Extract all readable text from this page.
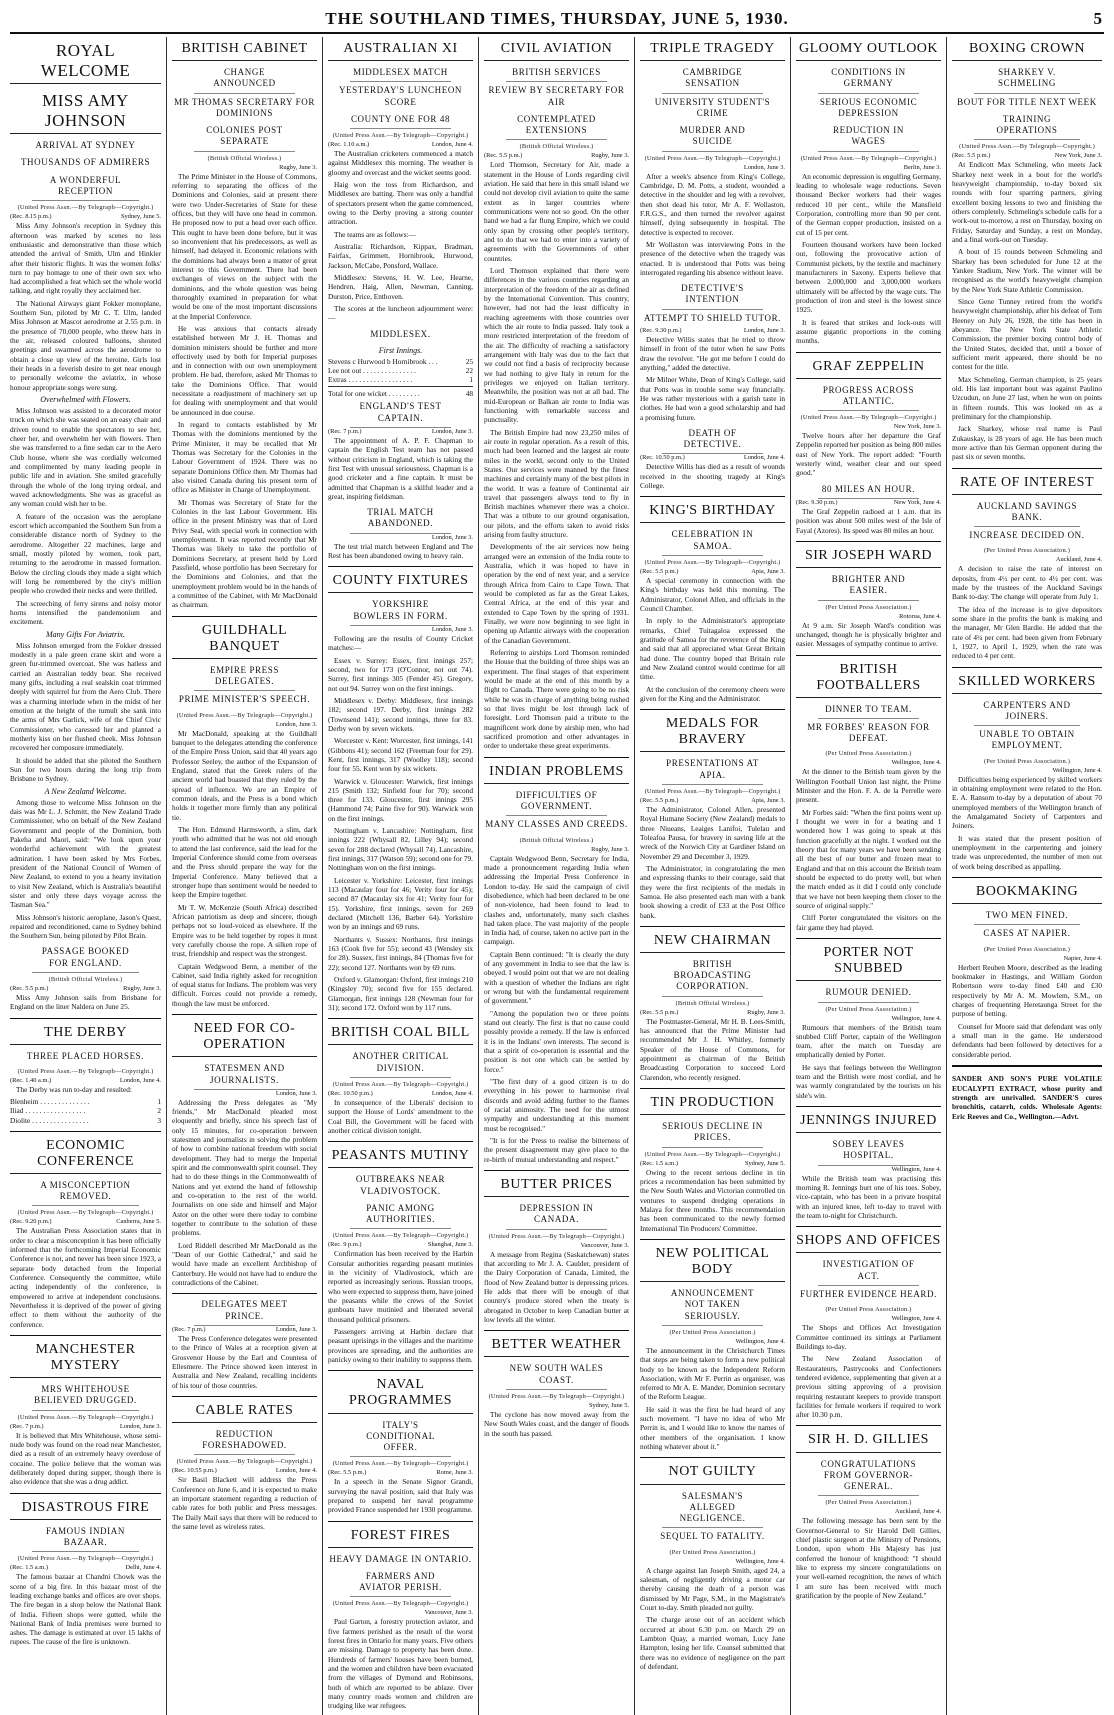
THE SOUTHLAND TIMES, THURSDAY, JUNE 5, 1930.	5
ROYAL WELCOME
MISS AMY JOHNSON
ARRIVAL AT SYDNEY
THOUSANDS OF ADMIRERS
A WONDERFUL RECEPTION
(United Press Assn.—By Telegraph—Copyright.)
(Rec. 8.15 p.m.)	Sydney, June 5.

Miss Amy Johnson's reception in Sydney this afternoon was marked by scenes no less enthusiastic and demonstrative than those which attended the arrival of Smith, Ulm and Hinkler after their historic flights. It was the women folks' turn to pay homage to one of their own sex who had accomplished a feat which set the whole world talking, and right royally they acclaimed her.

The National Airways giant Fokker monoplane, Southern Sun, piloted by Mr C. T. Ulm, landed Miss Johnson at Mascot aerodrome at 2.55 p.m. in the presence of 70,000 people, who threw hats in the air, released coloured balloons, shouted greetings and swarmed across the aerodrome to obtain a close up view of the heroine. Girls lost their heads in a feverish desire to get near enough to personally welcome the aviatrix, in whose honour appropriate songs were sung.

Overwhelmed with Flowers.

Miss Johnson was assisted to a decorated motor truck on which she was seated on an easy chair and driven round to enable the spectators to see her, cheer her, and overwhelm her with flowers. Then she was transferred to a fine sedan car to the Aero Club house, where she was cordially welcomed and complimented by many leading people in public life and in aviation. She smiled gracefully through the whole of the long trying ordeal, and waved acknowledgments. She was as graceful as any woman could wish her to be.

A feature of the occasion was the aeroplane escort which accompanied the Southern Sun from a considerable distance north of Sydney to the aerodrome. Altogether 22 machines, large and small, mostly piloted by women, took part, returning to the aerodrome in massed formation. Below the circling clouds they made a sight which will long be remembered by the city's million people who crowded their necks and were thrilled.

The screeching of ferry sirens and noisy motor horns intensified the pandemonium and excitement.

Many Gifts For Aviatrix.

Miss Johnson emerged from the Fokker dressed modestly in a pale green crane skirt and wore a green fur-trimmed overcoat. She was hatless and carried an Australian teddy bear. She received many gifts, including a real sealskin coat trimmed deeply with squirrel fur from the Aero Club. There was a charming interlude when in the midst of her emotion at the height of the tumult she sank into the arms of Mrs Garlick, wife of the Chief Civic Commissioner, who caressed her and planted a motherly kiss on her flushed cheek. Miss Johnson recovered her composure immediately.

It should be added that she piloted the Southern Sun for two hours during the long trip from Brisbane to Sydney.

A New Zealand Welcome.

Among those to welcome Miss Johnson on the dais was Mr L. J. Schmitt, the New Zealand Trade Commissioner, who on behalf of the New Zealand Government and people of the Dominion, both Pakeha and Maori, said: "We look upon your wonderful achievement with the greatest admiration. I have been asked by Mrs Forbes, president of the National Council of Women of New Zealand, to extend to you a hearty invitation to visit New Zealand, which is Australia's beautiful sister and only three days voyage across the Tasman Sea."

Miss Johnson's historic aeroplane, Jason's Quest, repaired and reconditioned, came to Sydney behind the Southern Sun, being piloted by Pilot Brain.

PASSAGE BOOKED FOR ENGLAND.
(British Official Wireless.)
(Rec. 5.5 p.m.)	Rugby, June 3.

Miss Amy Johnson sails from Brisbane for England on the liner Naldera on June 25.

THE DERBY
THREE PLACED HORSES.
(United Press Assn.—By Telegraph—Copyright.)
(Rec. 1.40 a.m.)	London, June 4.

The Derby was run to-day and resulted:

Blenheim . . . . . . . . . . . . . .	1
Iliad . . . . . . . . . . . . . . . . .	2
Diolite . . . . . . . . . . . . . . . .	3
ECONOMIC CONFERENCE
A MISCONCEPTION REMOVED.
(United Press Assn.—By Telegraph—Copyright.)
(Rec. 9.20 p.m.)	Canberra, June 5.

The Australian Press Association states that in order to clear a misconception it has been officially informed that the forthcoming Imperial Economic Conference is not, and never has been since 1923, a separate body detached from the Imperial Conference. Consequently the committee, while acting independently of the conference, is empowered to arrive at independent conclusions. Nevertheless it is deprived of the power of giving effect to them without the authority of the conference.

MANCHESTER MYSTERY
MRS WHITEHOUSE BELIEVED DRUGGED.
(United Press Assn.—By Telegraph—Copyright.)
(Rec. 7 p.m.)	London, June 3.

It is believed that Mrs Whitehouse, whose semi-nude body was found on the road near Manchester, died as a result of an extremely heavy overdose of cocaine. The police believe that the woman was deliberately doped during supper, though there is also evidence that she was a drug addict.

DISASTROUS FIRE
FAMOUS INDIAN BAZAAR.
(United Press Assn.—By Telegraph—Copyright.)
(Rec. 1.5 a.m.)	Delhi, June 4.

The famous bazaar at Chandni Chowk was the scene of a big fire. In this bazaar most of the leading exchange banks and offices are over shops. The fire began in a shop below the National Bank of India. Fifteen shops were gutted, while the National Bank of India premises were burned to ashes. The damage is estimated at over 15 lakhs of rupees. The cause of the fire is unknown.

BRITISH CABINET
CHANGE ANNOUNCED
MR THOMAS SECRETARY FOR DOMINIONS
COLONIES POST SEPARATE
(British Official Wireless.)
Rugby, June 3.

The Prime Minister in the House of Commons, referring to separating the offices of the Dominions and Colonies, said at present there were two Under-Secretaries of State for these offices, but they will have one head in common. He proposed now to put a head over each office. This ought to have been done before, but it was so inconvenient that his predecessors, as well as himself, had delayed it. Economic relations with the dominions had always been a matter of great interest to this Government. There had been exchanges of views on the subject with the dominions, and the whole question was being thoroughly examined in preparation for what would be one of the most important discussions at the Imperial Conference.

He was anxious that contacts already established between Mr J. H. Thomas and dominion ministers should be further and more effectively used by both for Imperial purposes and in connection with our own unemployment problem. He had, therefore, asked Mr Thomas to take the Dominions Office. That would necessitate a readjustment of machinery set up for dealing with unemployment and that would be announced in due course.

In regard to contacts established by Mr Thomas with the dominions mentioned by the Prime Minister, it may be recalled that Mr Thomas was Secretary for the Colonies in the Labour Government of 1924. There was no separate Dominions Office then. Mr Thomas had also visited Canada during his present term of office as Minister in Charge of Unemployment.

Mr Thomas was Secretary of State for the Colonies in the last Labour Government. His office in the present Ministry was that of Lord Privy Seal, with special work in connection with unemployment. It was reported recently that Mr Thomas was likely to take the portfolio of Dominions Secretary, at present held by Lord Passfield, whose portfolio has been Secretary for the Dominions and Colonies, and that the unemployment problem would be in the hands of a committee of the Cabinet, with Mr MacDonald as chairman.

GUILDHALL BANQUET
EMPIRE PRESS DELEGATES.
PRIME MINISTER'S SPEECH.
(United Press Assn.—By Telegraph—Copyright.)
London, June 3.

Mr MacDonald, speaking at the Guildhall banquet to the delegates attending the conference of the Empire Press Union, said that 40 years ago Professor Seeley, the author of the Expansion of England, stated that the Greek rulers of the ancient world had boasted that they ruled by the spread of influence. We are an Empire of common ideals, and the Press is a bond which holds it together more firmly than any political tie.

The Hon. Edmund Harmsworth, a slim, dark youth who admitted that he was not old enough to attend the last conference, said the lead for the Imperial Conference should come from overseas and the Press should prepare the way for the Imperial Conference. Many believed that a stronger hope than sentiment would be needed to keep the Empire together.

Mr T. W. McKenzie (South Africa) described African patriotism as deep and sincere, though perhaps not so loud-voiced as elsewhere. If the Empire was to be held together by ropes it must very carefully choose the rope. A silken rope of trust, friendship and respect was the strongest.

Captain Wedgwood Benn, a member of the Cabinet, said India rightly asked for recognition of equal status for Indians. The problem was very difficult. Forces could not provide a remedy, though the law must be enforced.

NEED FOR CO-OPERATION
STATESMEN AND JOURNALISTS.
London, June 3.

Addressing the Press delegates as "My friends," Mr MacDonald pleaded most eloquently and briefly, since his speech fast of only 15 minutes, for co-operation between statesmen and journalists in solving the problem of how to combine national freedom with social development. They had to merge the Imperial spirit and the commonwealth spirit counsel. They had to do these things in the Commonwealth of Nations and yet extend the hand of fellowship and co-operation to the rest of the world. Journalists on one side and himself and Major Astor on the other were there today to combine together to contribute to the solution of these problems.

Lord Riddell described Mr MacDonald as the "Dean of our Gothic Cathedral," and said he would have made an excellent Archbishop of Canterbury. He would not have had to endure the contradictions of the Cabinet.

DELEGATES MEET PRINCE.
(Rec. 7 p.m.)	London, June 3.

The Press Conference delegates were presented to the Prince of Wales at a reception given at Grosvenor House by the Earl and Countess of Ellesmere. The Prince showed keen interest in Australia and New Zealand, recalling incidents of his tour of those countries.

CABLE RATES
REDUCTION FORESHADOWED.
(United Press Assn.—By Telegraph—Copyright.)
(Rec. 10.55 p.m.)	London, June 4.

Sir Basil Blackett will address the Press Conference on June 6, and it is expected to make an important statement regarding a reduction of cable rates for both public and Press messages. The Daily Mail says that there will be reduced to the same level as wireless rates.

AUSTRALIAN XI
MIDDLESEX MATCH
YESTERDAY'S LUNCHEON SCORE
COUNTY ONE FOR 48
(United Press Assn.—By Telegraph—Copyright.)
(Rec. 1.10 a.m.)	London, June 4.

The Australian cricketers commenced a match against Middlesex this morning. The weather is gloomy and overcast and the wicket seems good.

Haig won the toss from Richardson, and Middlesex are batting. There was only a handful of spectators present when the game commenced, owing to the Derby proving a strong counter attraction.

The teams are as follows:—

Australia: Richardson, Kippax, Bradman, Fairfax, Grimmett, Hornibrook, Hurwood, Jackson, McCabe, Ponsford, Wallace.

Middlesex: Stevens, H. W. Lee, Hearne, Hendren, Haig, Allen, Newman, Canning, Durston, Price, Enthoven.

The scores at the luncheon adjournment were:—

MIDDLESEX.
First Innings.
Stevens c Hurwood b Hornibrook . . .	25
Lee not out . . . . . . . . . . . . . . .	22
Extras . . . . . . . . . . . . . . . . . .	1
Total for one wicket . . . . . . . . .	48
ENGLAND'S TEST CAPTAIN.
(Rec. 7 p.m.)	London, June 3.

The appointment of A. P. F. Chapman to captain the English Test team has not passed without criticism in England, which is taking the first Test with unusual seriousness. Chapman is a good cricketer and a fine captain. It must be admitted that Chapman is a skilful leader and a great, inspiring fieldsman.

TRIAL MATCH ABANDONED.
London, June 3.

The test trial match between England and The Rest has been abandoned owing to heavy rain.

COUNTY FIXTURES
YORKSHIRE BOWLERS IN FORM.
London, June 3.

Following are the results of County Cricket matches:—

Essex v. Surrey: Essex, first innings 257; second, two for 173 (O'Connor, not out 74). Surrey, first innings 305 (Fender 45). Gregory, not out 94. Surrey won on the first innings.

Middlesex v. Derby: Middlesex, first innings 182; second 197. Derby, first innings 282 (Townsend 141); second innings, three for 83. Derby won by seven wickets.

Worcester v. Kent: Worcester, first innings, 141 (Gibbons 41); second 162 (Freeman four for 29). Kent, first innings, 317 (Woolley 118); second four for 55. Kent won by six wickets.

Warwick v. Gloucester: Warwick, first innings 215 (Smith 132; Sinfield four for 70); second three for 133. Gloucester, first innings 295 (Hammond 74; Paine five for 90). Warwick won on the first innings.

Nottingham v. Lancashire: Nottingham, first innings 222 (Whysall 82, Lilley 94); second seven for 288 declared (Whysall 74). Lancashire, first innings, 317 (Watson 59); second one for 79. Nottingham won on the first innings.

Leicester v. Yorkshire: Leicester, first innings 113 (Macaulay four for 46; Verity four for 45); second 87 (Macaulay six for 41; Verity four for 15). Yorkshire, first innings, seven for 269 declared (Mitchell 136, Barber 64). Yorkshire won by an innings and 69 runs.

Northants v. Sussex: Northants, first innings 163 (Cook five for 55); second 43 (Wensley six for 28). Sussex, first innings, 84 (Thomas five for 22); second 127. Northants won by 69 runs.

Oxford v. Glamorgan: Oxford, first innings 210 (Kingsley 70); second five for 155 declared. Glamorgan, first innings 128 (Newman four for 31); second 172. Oxford won by 117 runs.

BRITISH COAL BILL
ANOTHER CRITICAL DIVISION.
(United Press Assn.—By Telegraph—Copyright.)
(Rec. 10.50 p.m.)	London, June 4.

In consequence of the Liberals' decision to support the House of Lords' amendment to the Coal Bill, the Government will be faced with another critical division tonight.

PEASANTS MUTINY
OUTBREAKS NEAR VLADIVOSTOCK.
PANIC AMONG AUTHORITIES.
(United Press Assn.—By Telegraph—Copyright.)
(Rec. 9 p.m.)	Shanghai, June 3.

Confirmation has been received by the Harbin Consular authorities regarding peasant mutinies in the vicinity of Vladivostock, which are reported as increasingly serious. Russian troops, who were expected to suppress them, have joined the peasants while the crews of the Soviet gunboats have mutinied and liberated several thousand political prisoners.

Passengers arriving at Harbin declare that peasant uprisings in the villages and the maritime provinces are spreading, and the authorities are panicky owing to their inability to suppress them.

NAVAL PROGRAMMES
ITALY'S CONDITIONAL OFFER.
(United Press Assn.—By Telegraph—Copyright.)
(Rec. 5.5 p.m.)	Rome, June 3.

In a speech in the Senate Signor Grandi, surveying the naval position, said that Italy was prepared to suspend her naval programme provided France suspended her 1930 programme.

FOREST FIRES
HEAVY DAMAGE IN ONTARIO.
FARMERS AND AVIATOR PERISH.
(United Press Assn.—By Telegraph—Copyright.)
Vancouver, June 3.

Paul Garton, a forestry protection aviator, and five farmers perished as the result of the worst forest fires in Ontario for many years. Five others are missing. Damage to property has been done. Hundreds of farmers' houses have been burned, and the women and children have been evacuated from the villages of Dymond and Robinsons, both of which are reported to be ablaze. Over many country roads women and children are trudging like war refugees.

CIVIL AVIATION
BRITISH SERVICES
REVIEW BY SECRETARY FOR AIR
CONTEMPLATED EXTENSIONS
(British Official Wireless.)
(Rec. 5.5 p.m.)	Rugby, June 3.

Lord Thomson, Secretary for Air, made a statement in the House of Lords regarding civil aviation. He said that here in this small island we could not develop civil aviation to quite the same extent as in larger countries where communications were not so good. On the other hand we had a far flung Empire, which we could only span by crossing other people's territory, and to do that we had to enter into a variety of agreements with the Governments of other countries.

Lord Thomson explained that there were differences in the various countries regarding an interpretation of the freedom of the air as defined by the International Convention. This country, however, had not had the least difficulty in reaching agreements with those countries over which the air route to India passed. Italy took a more restricted interpretation of the freedom of the air. The difficulty of reaching a satisfactory arrangement with Italy was due to the fact that we could not find a basis of reciprocity because we had nothing to give Italy in return for the privileges we enjoyed on Italian territory. Meanwhile, the position was not at all bad. The mid-European or Balkan air route to India was functioning with remarkable success and punctuality.

The British Empire had now 23,250 miles of air route in regular operation. As a result of this, much had been learned and the largest air route miles in the world, second only to the United States. Our services were manned by the finest machines and certainly many of the best pilots in the world. It was a feature of Continental air travel that passengers always tend to fly in British machines whenever there was a choice. That was a tribute to our ground organisation, our pilots, and the efforts taken to avoid risks arising from faulty structure.

Developments of the air services now being arranged were an extension of the India route to Australia, which it was hoped to have in operation by the end of next year, and a service through Africa from Cairo to Cape Town. That would be completed as far as the Great Lakes, Central Africa, at the end of this year and extended to Cape Town by the spring of 1931. Finally, we were now beginning to see light in opening up Atlantic airways with the cooperation of the Canadian Government.

Referring to airships Lord Thomson reminded the House that the building of three ships was an experiment. The final stages of that experiment would be made at the end of this month by a flight to Canada. There were going to be no risk while he was in charge of anything being rushed so that lives might be lost through lack of foresight. Lord Thomson paid a tribute to the magnificent work done by airship men, who had sacrificed promotion and other advantages in order to undertake these great experiments.

INDIAN PROBLEMS
DIFFICULTIES OF GOVERNMENT.
MANY CLASSES AND CREEDS.
(British Official Wireless.)
Rugby, June 3.

Captain Wedgwood Benn, Secretary for India, made a pronouncement regarding India when addressing the Imperial Press Conference in London to-day. He said the campaign of civil disobedience, which had been declared to be one of non-violence, had been found to lead to clashes and, unfortunately, many such clashes had taken place. The vast majority of the people in India had, of course, taken no active part in the campaign.

Captain Benn continued: "It is clearly the duty of any government in India to see that the law is obeyed. I would point out that we are not dealing with a question of whether the Indians are right or wrong but with the fundamental requirement of government."

"Among the population two or three points stand out clearly. The first is that no cause could possibly provide a remedy. If the law is enforced it is in the Indians' own interests. The second is that a spirit of co-operation is essential and the position is not one which can be settled by force."

"The first duty of a good citizen is to do everything in his power to harmonise rival discords and avoid adding further to the flames of racial animosity. The need for the utmost sympathy and understanding at this moment must be recognised."

"It is for the Press to realise the bitterness of the present disagreement may give place to the re-birth of mutual understanding and respect."

BUTTER PRICES
DEPRESSION IN CANADA.
(United Press Assn.—By Telegraph—Copyright.)
Vancouver, June 3.

A message from Regina (Saskatchewan) states that according to Mr J. A. Caulder, president of the Dairy Corporation of Canada, Limited, the flood of New Zealand butter is depressing prices. He adds that there will be enough of that country's produce stored when the treaty is abrogated in October to keep Canadian butter at low levels all the winter.

BETTER WEATHER
NEW SOUTH WALES COAST.
(United Press Assn.—By Telegraph—Copyright.)
Sydney, June 5.

The cyclone has now moved away from the New South Wales coast, and the danger of floods in the south has passed.

TRIPLE TRAGEDY
CAMBRIDGE SENSATION
UNIVERSITY STUDENT'S CRIME
MURDER AND SUICIDE
(United Press Assn.—By Telegraph—Copyright.)
London, June 3.

After a week's absence from King's College, Cambridge, D. M. Potts, a student, wounded a detective in the shoulder and leg with a revolver, then shot dead his tutor, Mr A. F. Wollaston, F.R.G.S., and then turned the revolver against himself, dying subsequently in hospital. The detective is expected to recover.

Mr Wollaston was interviewing Potts in the presence of the detective when the tragedy was enacted. It is understood that Potts was being interrogated regarding his absence without leave.

DETECTIVE'S INTENTION
ATTEMPT TO SHIELD TUTOR.
(Rec. 9.30 p.m.)	London, June 3.

Detective Willis states that he tried to throw himself in front of the tutor when he saw Potts draw the revolver. "He got me before I could do anything," added the detective.

Mr Milner White, Dean of King's College, said that Potts was in trouble some way financially. He was rather mysterious with a garish taste in clothes. He had won a good scholarship and had a promising future.

DEATH OF DETECTIVE.
(Rec. 10.50 p.m.)	London, June 4.

Detective Willis has died as a result of wounds received in the shooting tragedy at King's College.

KING'S BIRTHDAY
CELEBRATION IN SAMOA.
(United Press Assn.—By Telegraph—Copyright.)
(Rec. 5.5 p.m.)	Apia, June 3.

A special ceremony in connection with the King's birthday was held this morning. The Administrator, Colonel Allen, and officials in the Council Chamber.

In reply to the Administrator's appropriate remarks, Chief Tuitagaloa expressed the gratitude of Samoa for the reverence of the King and said that all appreciated what Great Britain had done. The country hoped that Britain rule and New Zealand control would continue for all time.

At the conclusion of the ceremony cheers were given for the King and the Administrator.

MEDALS FOR BRAVERY
PRESENTATIONS AT APIA.
(United Press Assn.—By Telegraph—Copyright.)
(Rec. 5.5 p.m.)	Apia, June 3.

The Administrator, Colonel Allen, presented Royal Humane Society (New Zealand) medals to three Niueans, Leaiges Lanifoi, Tulelau and Toleafoa Pausa, for bravery in saving life at the wreck of the Norwich City at Gardiner Island on November 29 and December 3, 1929.

The Administrator, in congratulating the men and expressing thanks to their courage, said that they were the first recipients of the medals in Samoa. He also presented each man with a bank book showing a credit of £33 at the Post Office bank.

NEW CHAIRMAN
BRITISH BROADCASTING CORPORATION.
(British Official Wireless.)
(Rec. 5.5 p.m.)	Rugby, June 3.

The Postmaster-General, Mr H. B. Lees-Smith, has announced that the Prime Minister had recommended Mr J. H. Whitley, formerly Speaker of the House of Commons, for appointment as chairman of the British Broadcasting Corporation to succeed Lord Clarendon, who recently resigned.

TIN PRODUCTION
SERIOUS DECLINE IN PRICES.
(United Press Assn.—By Telegraph—Copyright.)
(Rec. 1.5 a.m.)	Sydney, June 5.

Owing to the recent serious decline in tin prices a recommendation has been submitted by the New South Wales and Victorian controlled tin ventures to suspend dredging operations in Malaya for three months. This recommendation has been communicated to the newly formed International Tin Producers' Committee.

NEW POLITICAL BODY
ANNOUNCEMENT NOT TAKEN SERIOUSLY.
(Per United Press Association.)
Wellington, June 4.

The announcement in the Christchurch Times that steps are being taken to form a new political body to be known as the Independent Reform Association, with Mr F. Perrin as organiser, was referred to Mr A. E. Mander, Dominion secretary of the Reform League.

He said it was the first he had heard of any such movement. "I have no idea of who Mr Perrin is, and I would like to know the names of other members of the organisation. I know nothing whatever about it."

NOT GUILTY
SALESMAN'S ALLEGED NEGLIGENCE.
SEQUEL TO FATALITY.
(Per United Press Association.)
Wellington, June 4.

A charge against Ian Joseph Smith, aged 24, a salesman, of negligently driving a motor car thereby causing the death of a person was dismissed by Mr Page, S.M., in the Magistrate's Court to-day. Smith pleaded not guilty.

The charge arose out of an accident which occurred at about 6.30 p.m. on March 29 on Lambton Quay, a married woman, Lucy Jane Hampton, losing her life. Counsel submitted that there was no evidence of negligence on the part of defendant.

GLOOMY OUTLOOK
CONDITIONS IN GERMANY
SERIOUS ECONOMIC DEPRESSION
REDUCTION IN WAGES
(United Press Assn.—By Telegraph—Copyright.)
Berlin, June 3.

An economic depression is engulfing Germany, leading to wholesale wage reductions. Seven thousand Becker workers had their wages reduced 10 per cent., while the Mansfield Corporation, controlling more than 90 per cent. of the German copper production, insisted on a cut of 15 per cent.

Fourteen thousand workers have been locked out, following the provocative action of Communist pickets, by the textile and machinery manufacturers in Saxony. Experts believe that between 2,000,000 and 3,000,000 workers ultimately will be affected by the wage cuts. The production of iron and steel is the lowest since 1925.

It is feared that strikes and lock-outs will assume gigantic proportions in the coming months.

GRAF ZEPPELIN
PROGRESS ACROSS ATLANTIC.
(United Press Assn.—By Telegraph—Copyright.)
New York, June 3.

Twelve hours after her departure the Graf Zeppelin reported her position as being 800 miles east of New York. The report added: "Fourth westerly wind, weather clear and our speed good."

80 MILES AN HOUR.
(Rec. 9.30 p.m.)	New York, June 4.

The Graf Zeppelin radioed at 1 a.m. that its position was about 500 miles west of the Isle of Fayal (Azores). Its speed was 80 miles an hour.

SIR JOSEPH WARD
BRIGHTER AND EASIER.
(Per United Press Association.)
Rotorua, June 4.

At 9 a.m. Sir Joseph Ward's condition was unchanged, though he is physically brighter and easier. Messages of sympathy continue to arrive.

BRITISH FOOTBALLERS
DINNER TO TEAM.
MR FORBES' REASON FOR DEFEAT.
(Per United Press Association.)
Wellington, June 4.

At the dinner to the British team given by the Wellington Football Union last night, the Prime Minister and the Hon. F. A. de la Perrelle were present.

Mr Forbes said: "When the first points went up I thought we were in for a beating and I wondered how I was going to speak at this function gracefully at the night. I worked out the theory that for many years we have been sending all the best of our butter and frozen meat to England and that on this account the British team should be expected to do pretty well, but when the match ended as it did I could only conclude that we have not been keeping them closer to the source of original supply."

Cliff Porter congratulated the visitors on the fair game they had played.

PORTER NOT SNUBBED
RUMOUR DENIED.
(Per United Press Association.)
Wellington, June 4.

Rumours that members of the British team snubbed Cliff Porter, captain of the Wellington team, after the match on Tuesday are emphatically denied by Porter.

He says that feelings between the Wellington team and the British were most cordial, and he was warmly congratulated by the tourists on his side's win.

JENNINGS INJURED
SOBEY LEAVES HOSPITAL.
Wellington, June 4.

While the British team was practising this morning R. Jennings hurt one of his toes. Sobey, vice-captain, who has been in a private hospital with an injured knee, left to-day to travel with the team to-night for Christchurch.

SHOPS AND OFFICES
INVESTIGATION OF ACT.
FURTHER EVIDENCE HEARD.
(Per United Press Association.)
Wellington, June 4.

The Shops and Offices Act Investigation Committee continued its sittings at Parliament Buildings to-day.

The New Zealand Association of Restaurateurs, Pastrycooks and Confectioners tendered evidence, supplementing that given at a previous sitting approving of a provision requiring restaurant keepers to provide transport facilities for female workers if required to work after 10.30 p.m.

SIR H. D. GILLIES
CONGRATULATIONS FROM GOVERNOR-GENERAL.
(Per United Press Association.)
Auckland, June 4.

The following message has been sent by the Governor-General to Sir Harold Dell Gillies, chief plastic surgeon at the Ministry of Pensions, London, upon whom His Majesty has just conferred the honour of knighthood: "I should like to express my sincere congratulations on your well-earned recognition, the news of which I am sure has been received with much gratification by the people of New Zealand."

BOXING CROWN
SHARKEY V. SCHMELING
BOUT FOR TITLE NEXT WEEK
TRAINING OPERATIONS
(United Press Assn.—By Telegraph—Copyright.)
(Rec. 5.5 p.m.)	New York, June 3.

At Endicott Max Schmeling, who meets Jack Sharkey next week in a bout for the world's heavyweight championship, to-day boxed six rounds with four sparring partners, giving excellent boxing lessons to two and finishing the others completely. Schmeling's schedule calls for a work-out to-morrow, a rest on Thursday, boxing on Friday, Saturday and Sunday, a rest on Monday, and a final work-out on Tuesday.

A bout of 15 rounds between Schmeling and Sharkey has been scheduled for June 12 at the Yankee Stadium, New York. The winner will be recognised as the world's heavyweight champion by the New York State Athletic Commission.

Since Gene Tunney retired from the world's heavyweight championship, after his defeat of Tom Heeney on July 26, 1928, the title has been in abeyance. The New York State Athletic Commission, the premier boxing control body of the United States, decided that, until a boxer of sufficient merit appeared, there should be no contest for the title.

Max Schmeling, German champion, is 25 years old. His last important bout was against Paulino Uzcudun, on June 27 last, when he won on points in fifteen rounds. This was looked on as a preliminary for the championship.

Jack Sharkey, whose real name is Paul Zukauskay, is 28 years of age. He has been much more active than his German opponent during the past six or seven months.

RATE OF INTEREST
AUCKLAND SAVINGS BANK.
INCREASE DECIDED ON.
(Per United Press Association.)
Auckland, June 4.

A decision to raise the rate of interest on deposits, from 4½ per cent. to 4½ per cent. was made by the trustees of the Auckland Savings Bank to-day. The change will operate from July 1.

The idea of the increase is to give depositors some share in the profits the bank is making and the manager, Mr Glen Bardie. He added that the rate of 4¼ per cent. had been given from February 1, 1927, to April 1, 1929, when the rate was reduced to 4 per cent.

SKILLED WORKERS
CARPENTERS AND JOINERS.
UNABLE TO OBTAIN EMPLOYMENT.
(Per United Press Association.)
Wellington, June 4.

Difficulties being experienced by skilled workers in obtaining employment were related to the Hon. E. A. Ransom to-day by a deputation of about 70 unemployed members of the Wellington branch of the Amalgamated Society of Carpenters and Joiners.

It was stated that the present position of unemployment in the carpentering and joinery trade was unprecedented, the number of men out of work being described as appalling.

BOOKMAKING
TWO MEN FINED.
CASES AT NAPIER.
(Per United Press Association.)
Napier, June 4.

Herbert Reuben Moore, described as the leading bookmaker in Hastings, and William Gordon Robertson were to-day fined £40 and £30 respectively by Mr A. M. Mowlem, S.M., on charges of frequenting Heretaunga Street for the purpose of betting.

Counsel for Moore said that defendant was only a small man in the game. He understood defendants had been followed by detectives for a considerable period.

SANDER AND SON'S PURE VOLATILE EUCALYPTI EXTRACT, whose purity and strength are unrivalled. SANDER'S cures bronchitis, catarrh, colds. Wholesale Agents: Eric Reeves and Co., Wellington.—Advt.
